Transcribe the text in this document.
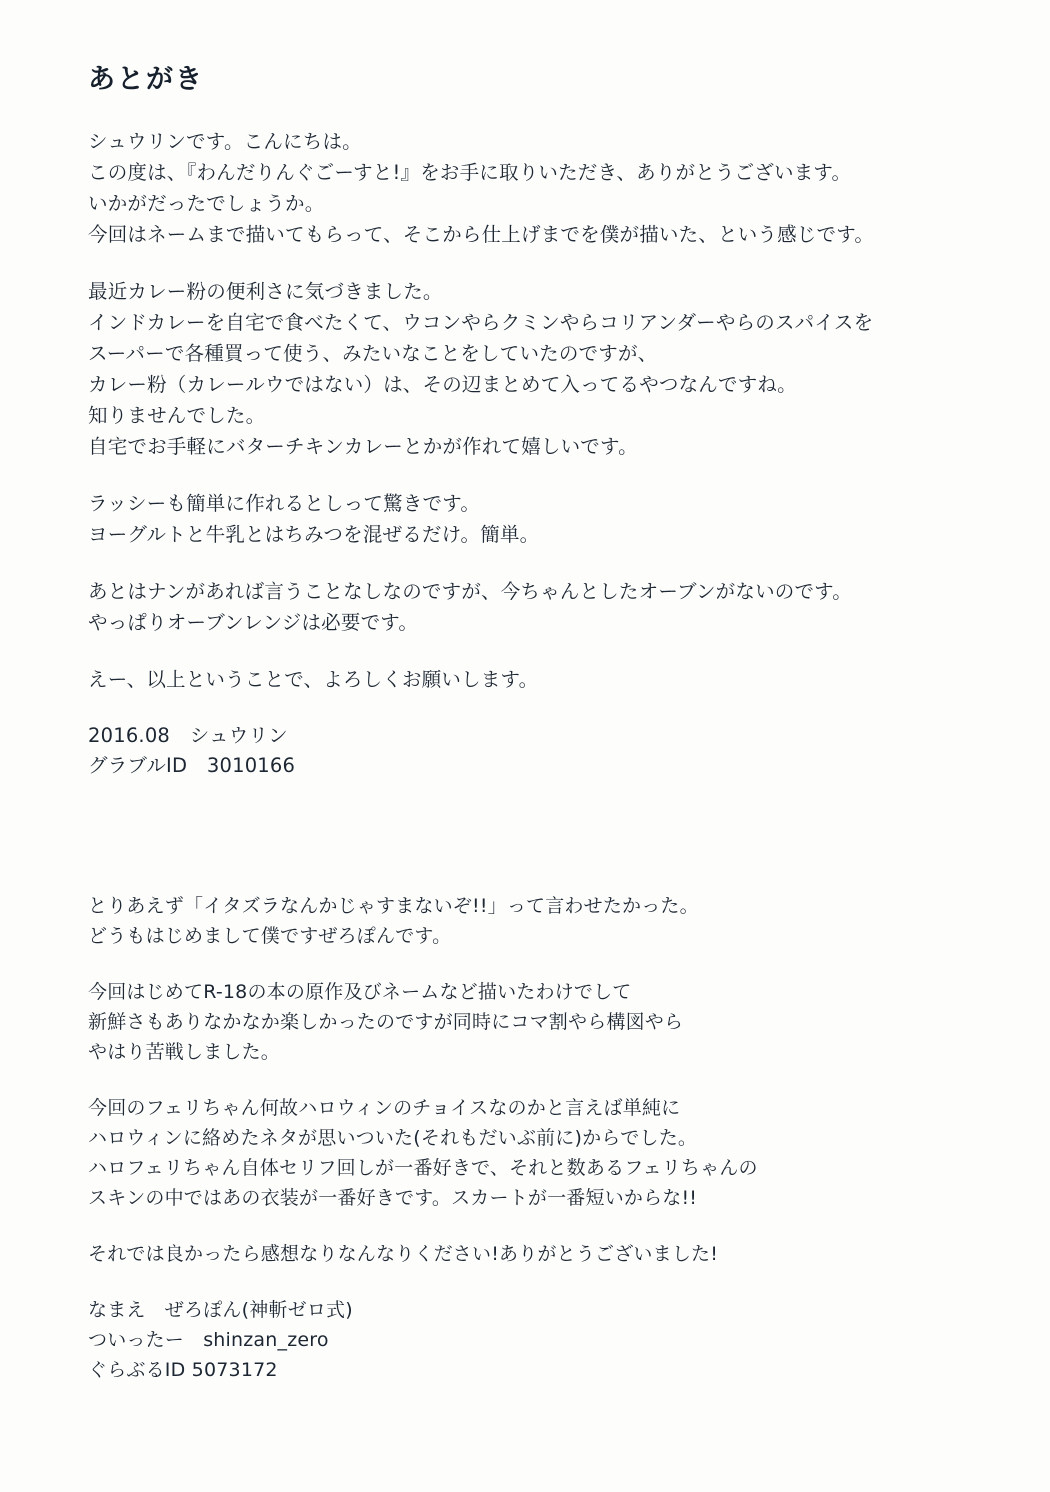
あとがき
シュウリンです。こんにちは。
この度は、『わんだりんぐごーすと!』をお手に取りいただき、ありがとうございます。
いかがだったでしょうか。
今回はネームまで描いてもらって、そこから仕上げまでを僕が描いた、という感じです。
最近カレー粉の便利さに気づきました。
インドカレーを自宅で食べたくて、ウコンやらクミンやらコリアンダーやらのスパイスを
スーパーで各種買って使う、みたいなことをしていたのですが、
カレー粉（カレールウではない）は、その辺まとめて入ってるやつなんですね。
知りませんでした。
自宅でお手軽にバターチキンカレーとかが作れて嬉しいです。
ラッシーも簡単に作れるとしって驚きです。
ヨーグルトと牛乳とはちみつを混ぜるだけ。簡単。
あとはナンがあれば言うことなしなのですが、今ちゃんとしたオーブンがないのです。
やっぱりオーブンレンジは必要です。
えー、以上ということで、よろしくお願いします。
2016.08　シュウリン
グラブルID　3010166
とりあえず「イタズラなんかじゃすまないぞ!!」って言わせたかった。
どうもはじめまして僕ですぜろぽんです。
今回はじめてR-18の本の原作及びネームなど描いたわけでして
新鮮さもありなかなか楽しかったのですが同時にコマ割やら構図やら
やはり苦戦しました。
今回のフェリちゃん何故ハロウィンのチョイスなのかと言えば単純に
ハロウィンに絡めたネタが思いついた(それもだいぶ前に)からでした。
ハロフェリちゃん自体セリフ回しが一番好きで、それと数あるフェリちゃんの
スキンの中ではあの衣装が一番好きです。スカートが一番短いからな!!
それでは良かったら感想なりなんなりください!ありがとうございました!
なまえ　ぜろぽん(神斬ゼロ式)
ついったー　shinzan_zero
ぐらぶるID 5073172
